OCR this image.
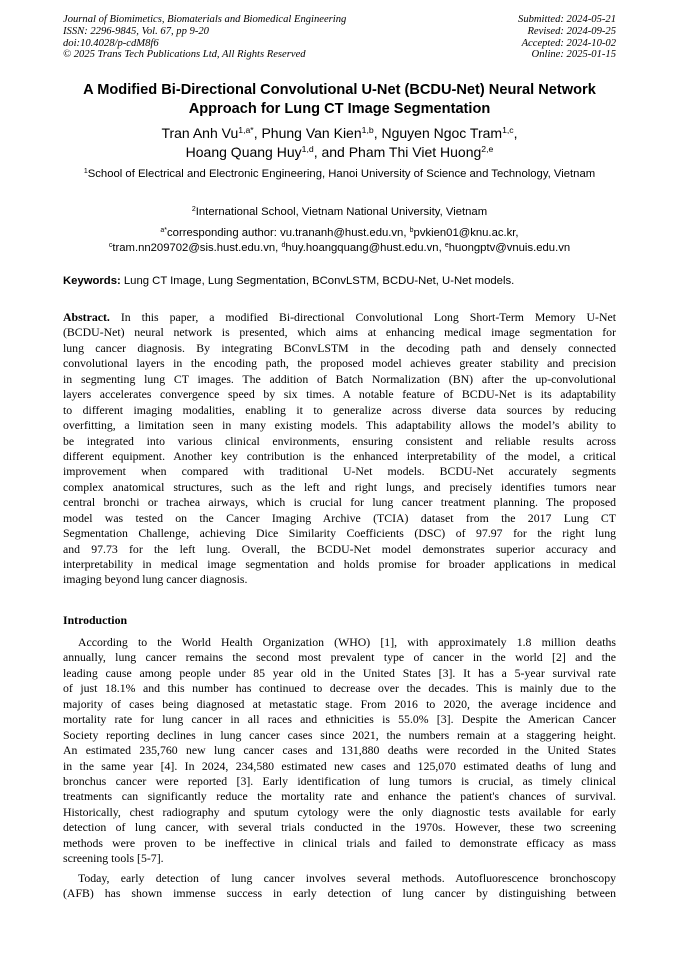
Journal of Biomimetics, Biomaterials and Biomedical Engineering
ISSN: 2296-9845, Vol. 67, pp 9-20
doi:10.4028/p-cdM8f6
© 2025 Trans Tech Publications Ltd, All Rights Reserved
Submitted: 2024-05-21
Revised: 2024-09-25
Accepted: 2024-10-02
Online: 2025-01-15
A Modified Bi-Directional Convolutional U-Net (BCDU-Net) Neural Network Approach for Lung CT Image Segmentation
Tran Anh $Vu^{1,a*}$, Phung Van Kien$^{1,b}$, Nguyen Ngoc Tram$^{1,c}$,
Hoang Quang Huy$^{1,d}$, and Pham Thi Viet Huong$^{2,e}$
$^1$School of Electrical and Electronic Engineering, Hanoi University of Science and Technology, Vietnam
$^2$International School, Vietnam National University, Vietnam
$^{a*}$corresponding author: vu.trananh@hust.edu.vn, $^b$pvkien01@knu.ac.kr,
$^c$tram.nn209702@sis.hust.edu.vn, $^d$huy.hoangquang@hust.edu.vn, $^e$huongptv@vnuis.edu.vn
Keywords: Lung CT Image, Lung Segmentation, BConvLSTM, BCDU-Net, U-Net models.
Abstract. In this paper, a modified Bi-directional Convolutional Long Short-Term Memory U-Net
(BCDU-Net) neural network is presented, which aims at enhancing medical image segmentation for
lung cancer diagnosis. By integrating BConvLSTM in the decoding path and densely connected
convolutional layers in the encoding path, the proposed model achieves greater stability and precision
in segmenting lung CT images. The addition of Batch Normalization (BN) after the up-convolutional
layers accelerates convergence speed by six times. A notable feature of BCDU-Net is its adaptability
to different imaging modalities, enabling it to generalize across diverse data sources by reducing
overfitting, a limitation seen in many existing models. This adaptability allows the model’s ability to
be integrated into various clinical environments, ensuring consistent and reliable results across
different equipment. Another key contribution is the enhanced interpretability of the model, a critical
improvement when compared with traditional U-Net models. BCDU-Net accurately segments
complex anatomical structures, such as the left and right lungs, and precisely identifies tumors near
central bronchi or trachea airways, which is crucial for lung cancer treatment planning. The proposed
model was tested on the Cancer Imaging Archive (TCIA) dataset from the 2017 Lung CT
Segmentation Challenge, achieving Dice Similarity Coefficients (DSC) of 97.97 for the right lung
and 97.73 for the left lung. Overall, the BCDU-Net model demonstrates superior accuracy and
interpretability in medical image segmentation and holds promise for broader applications in medical
imaging beyond lung cancer diagnosis.
Introduction
According to the World Health Organization (WHO) [1], with approximately 1.8 million deaths
annually, lung cancer remains the second most prevalent type of cancer in the world [2] and the
leading cause among people under 85 year old in the United States [3]. It has a 5-year survival rate
of just 18.1% and this number has continued to decrease over the decades. This is mainly due to the
majority of cases being diagnosed at metastatic stage. From 2016 to 2020, the average incidence and
mortality rate for lung cancer in all races and ethnicities is 55.0% [3]. Despite the American Cancer
Society reporting declines in lung cancer cases since 2021, the numbers remain at a staggering height.
An estimated 235,760 new lung cancer cases and 131,880 deaths were recorded in the United States
in the same year [4]. In 2024, 234,580 estimated new cases and 125,070 estimated deaths of lung and
bronchus cancer were reported [3]. Early identification of lung tumors is crucial, as timely clinical
treatments can significantly reduce the mortality rate and enhance the patient's chances of survival.
Historically, chest radiography and sputum cytology were the only diagnostic tests available for early
detection of lung cancer, with several trials conducted in the 1970s. However, these two screening
methods were proven to be ineffective in clinical trials and failed to demonstrate efficacy as mass
screening tools [5-7].
Today, early detection of lung cancer involves several methods. Autofluorescence bronchoscopy
(AFB) has shown immense success in early detection of lung cancer by distinguishing between
